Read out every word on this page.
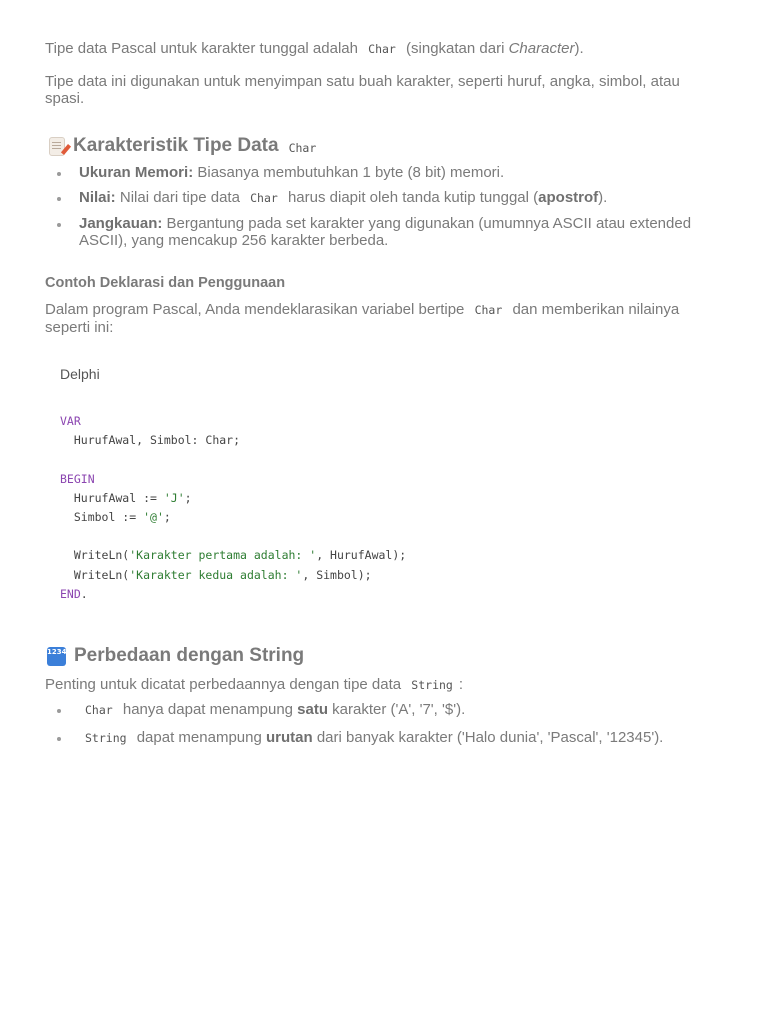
Tipe data Pascal untuk karakter tunggal adalah Char (singkatan dari Character).

Tipe data ini digunakan untuk menyimpan satu buah karakter, seperti huruf, angka, simbol, atau spasi.

Karakteristik Tipe Data Char
Ukuran Memori: Biasanya membutuhkan 1 byte (8 bit) memori.
Nilai: Nilai dari tipe data Char harus diapit oleh tanda kutip tunggal (apostrof).
Jangkauan: Bergantung pada set karakter yang digunakan (umumnya ASCII atau extended ASCII), yang mencakup 256 karakter berbeda.
Contoh Deklarasi dan Penggunaan

Dalam program Pascal, Anda mendeklarasikan variabel bertipe Char dan memberikan nilainya seperti ini:

Penting untuk dicatat perbedaannya dengan tipe data String :

1234 Perbedaan dengan String
Char hanya dapat menampung satu karakter ('A', '7', '$').
String dapat menampung urutan dari banyak karakter ('Halo dunia', 'Pascal', '12345').
Delphi
VAR
HurufAwal, Simbol: Char;

BEGIN
HurufAwal := 'J';
Simbol := '@';

WriteLn('Karakter pertama adalah: ', HurufAwal);
WriteLn('Karakter kedua adalah: ', Simbol);
END.
